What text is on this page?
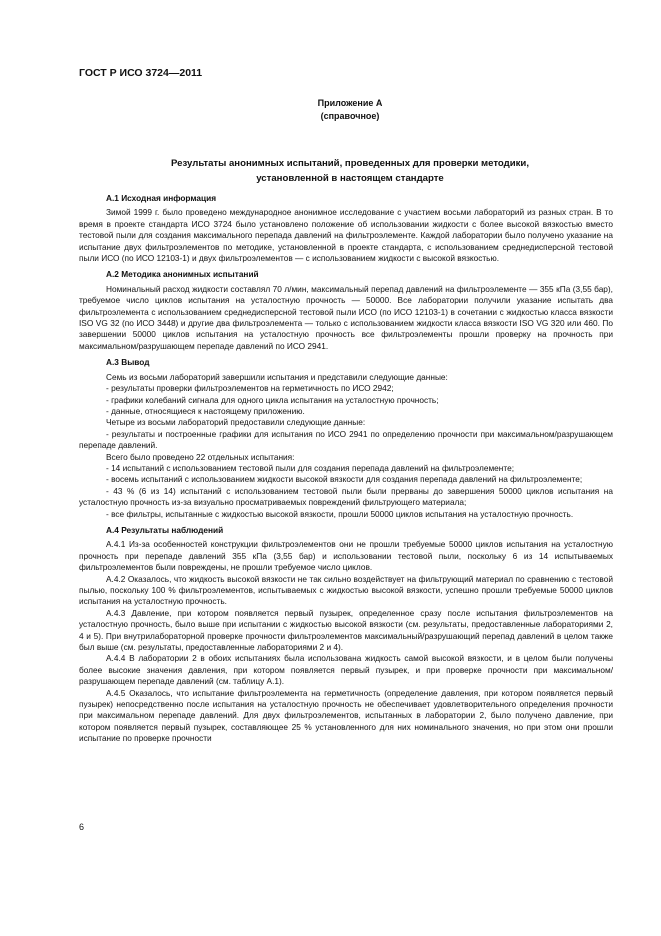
ГОСТ Р ИСО 3724—2011
Приложение А
(справочное)
Результаты анонимных испытаний, проведенных для проверки методики,
установленной в настоящем стандарте
А.1 Исходная информация

Зимой 1999 г. было проведено международное анонимное исследование с участием восьми лабораторий из разных стран. В то время в проекте стандарта ИСО 3724 было установлено положение об использовании жидкости с более высокой вязкостью вместо тестовой пыли для создания максимального перепада давлений на фильтроэлементе. Каждой лаборатории было получено указание на испытание двух фильтроэлементов по методике, установленной в проекте стандарта, с использованием среднедисперсной тестовой пыли ИСО (по ИСО 12103-1) и двух фильтроэлементов — с использованием жидкости с высокой вязкостью.

А.2 Методика анонимных испытаний

Номинальный расход жидкости составлял 70 л/мин, максимальный перепад давлений на фильтроэлементе — 355 кПа (3,55 бар), требуемое число циклов испытания на усталостную прочность — 50000. Все лаборатории получили указание испытать два фильтроэлемента с использованием среднедисперсной тестовой пыли ИСО (по ИСО 12103-1) в сочетании с жидкостью класса вязкости ISO VG 32 (по ИСО 3448) и другие два фильтроэлемента — только с использованием жидкости класса вязкости ISO VG 320 или 460. По завершении 50000 циклов испытания на усталостную прочность все фильтроэлементы прошли проверку на прочность при максимальном/разрушающем перепаде давлений по ИСО 2941.

А.3 Вывод

Семь из восьми лабораторий завершили испытания и представили следующие данные:

- результаты проверки фильтроэлементов на герметичность по ИСО 2942;

- графики колебаний сигнала для одного цикла испытания на усталостную прочность;

- данные, относящиеся к настоящему приложению.

Четыре из восьми лабораторий предоставили следующие данные:

- результаты и построенные графики для испытания по ИСО 2941 по определению прочности при максимальном/разрушающем перепаде давлений.

Всего было проведено 22 отдельных испытания:

- 14 испытаний с использованием тестовой пыли для создания перепада давлений на фильтроэлементе;

- восемь испытаний с использованием жидкости высокой вязкости для создания перепада давлений на фильтроэлементе;

- 43 % (6 из 14) испытаний с использованием тестовой пыли были прерваны до завершения 50000 циклов испытания на усталостную прочность из-за визуально просматриваемых повреждений фильтрующего материала;

- все фильтры, испытанные с жидкостью высокой вязкости, прошли 50000 циклов испытания на усталостную прочность.

А.4 Результаты наблюдений

А.4.1 Из-за особенностей конструкции фильтроэлементов они не прошли требуемые 50000 циклов испытания на усталостную прочность при перепаде давлений 355 кПа (3,55 бар) и использовании тестовой пыли, поскольку 6 из 14 испытываемых фильтроэлементов были повреждены, не прошли требуемое число циклов.

А.4.2 Оказалось, что жидкость высокой вязкости не так сильно воздействует на фильтрующий материал по сравнению с тестовой пылью, поскольку 100 % фильтроэлементов, испытываемых с жидкостью высокой вязкости, успешно прошли требуемые 50000 циклов испытания на усталостную прочность.

А.4.3 Давление, при котором появляется первый пузырек, определенное сразу после испытания фильтроэлементов на усталостную прочность, было выше при испытании с жидкостью высокой вязкости (см. результаты, предоставленные лабораториями 2, 4 и 5). При внутрилабораторной проверке прочности фильтроэлементов максимальный/разрушающий перепад давлений в целом также был выше (см. результаты, предоставленные лабораториями 2 и 4).

А.4.4 В лаборатории 2 в обоих испытаниях была использована жидкость самой высокой вязкости, и в целом были получены более высокие значения давления, при котором появляется первый пузырек, и при проверке прочности при максимальном/разрушающем перепаде давлений (см. таблицу А.1).

А.4.5 Оказалось, что испытание фильтроэлемента на герметичность (определение давления, при котором появляется первый пузырек) непосредственно после испытания на усталостную прочность не обеспечивает удовлетворительного определения прочности при максимальном перепаде давлений. Для двух фильтроэлементов, испытанных в лаборатории 2, было получено давление, при котором появляется первый пузырек, составляющее 25 % установленного для них номинального значения, но при этом они прошли испытание по проверке прочности

6
